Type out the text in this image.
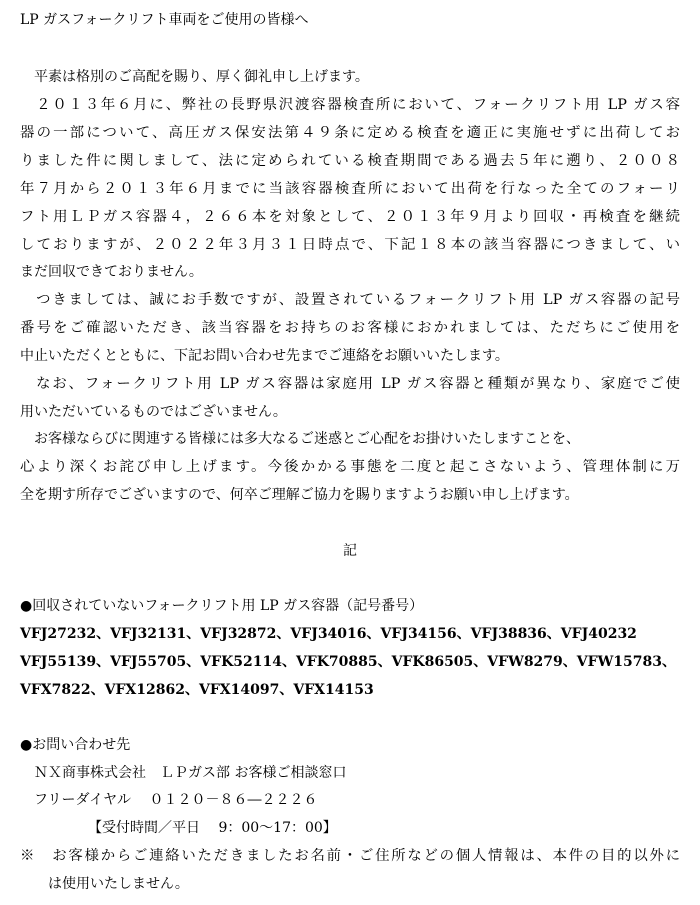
LP ガスフォークリフト車両をご使用の皆様へ
　平素は格別のご高配を賜り、厚く御礼申し上げます。
　２０１３年６月に、弊社の長野県沢渡容器検査所において、フォークリフト用 LP ガス容
器の一部について、高圧ガス保安法第４９条に定める検査を適正に実施せずに出荷してお
りました件に関しまして、法に定められている検査期間である過去５年に遡り、２００８
年７月から２０１３年６月までに当該容器検査所において出荷を行なった全てのフォーリ
フト用ＬＰガス容器４，２６６本を対象として、２０１３年９月より回収・再検査を継続
しておりますが、２０２２年３月３１日時点で、下記１８本の該当容器につきまして、い
まだ回収できておりません。
　つきましては、誠にお手数ですが、設置されているフォークリフト用 LP ガス容器の記号
番号をご確認いただき、該当容器をお持ちのお客様におかれましては、ただちにご使用を
中止いただくとともに、下記お問い合わせ先までご連絡をお願いいたします。
　なお、フォークリフト用 LP ガス容器は家庭用 LP ガス容器と種類が異なり、家庭でご使
用いただいているものではございません。
　お客様ならびに関連する皆様には多大なるご迷惑とご心配をお掛けいたしますことを、
心より深くお詫び申し上げます。今後かかる事態を二度と起こさないよう、管理体制に万
全を期す所存でございますので、何卒ご理解ご協力を賜りますようお願い申し上げます。
記
●回収されていないフォークリフト用 LP ガス容器（記号番号）
VFJ27232、VFJ32131、VFJ32872、VFJ34016、VFJ34156、VFJ38836、VFJ40232
VFJ55139、VFJ55705、VFK52114、VFK70885、VFK86505、VFW8279、VFW15783、
VFX7822、VFX12862、VFX14097、VFX14153
●お問い合わせ先
　ＮＸ商事株式会社　ＬＰガス部 お客様ご相談窓口
　フリーダイヤル　 ０１２０－８６―２２２６
【受付時間／平日　 9：00～17：00】
※　お客様からご連絡いただきましたお名前・ご住所などの個人情報は、本件の目的以外に
は使用いたしません。
